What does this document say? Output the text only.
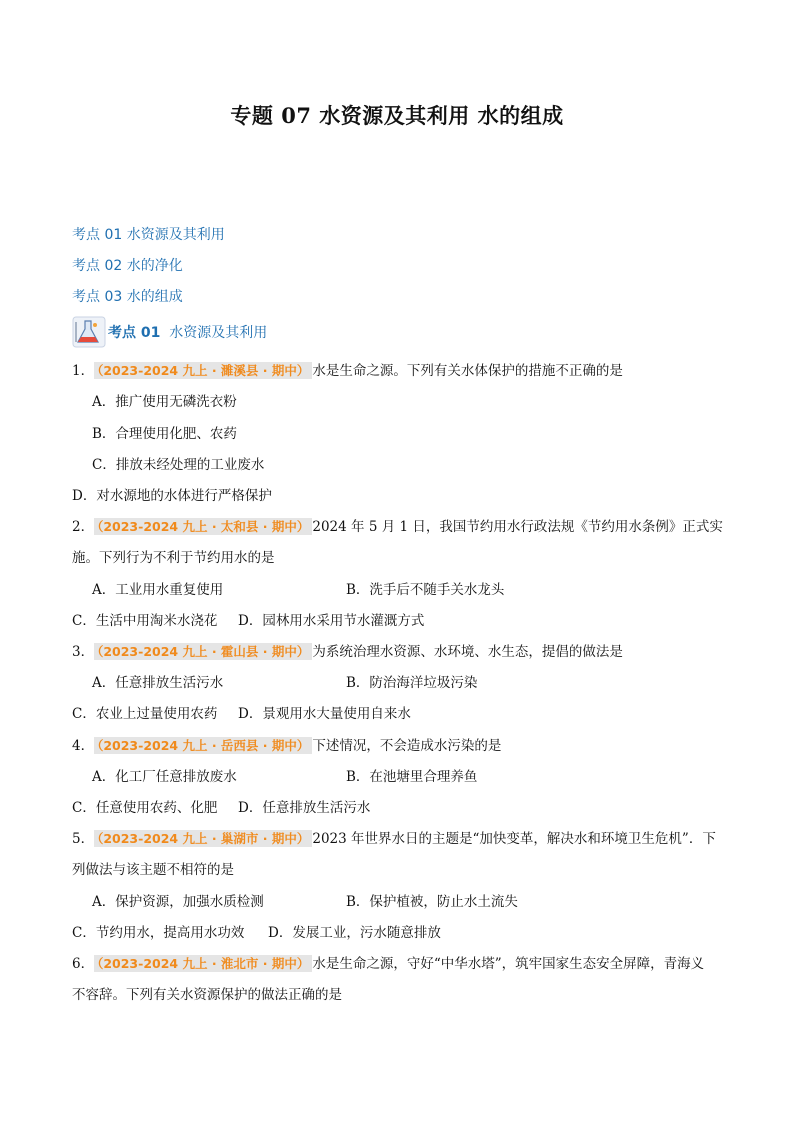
专题 07 水资源及其利用 水的组成
考点 01 水资源及其利用
考点 02 水的净化
考点 03 水的组成
考点 01 水资源及其利用
1． （2023-2024 九上 · 濉溪县 · 期中） 水是生命之源。下列有关水体保护的措施不正确的是
A．推广使用无磷洗衣粉
B．合理使用化肥、农药
C．排放未经处理的工业废水
D．对水源地的水体进行严格保护
2． （2023-2024 九上 · 太和县 · 期中） 2024 年 5 月 1 日，我国节约用水行政法规《节约用水条例》正式实
施。下列行为不利于节约用水的是
A．工业用水重复使用	B．洗手后不随手关水龙头
C．生活中用淘米水浇花 D．园林用水采用节水灌溉方式
3． （2023-2024 九上 · 霍山县 · 期中） 为系统治理水资源、水环境、水生态，提倡的做法是
A．任意排放生活污水	B．防治海洋垃圾污染
C．农业上过量使用农药 D．景观用水大量使用自来水
4． （2023-2024 九上 · 岳西县 · 期中） 下述情况，不会造成水污染的是
A．化工厂任意排放废水	B．在池塘里合理养鱼
C．任意使用农药、化肥 D．任意排放生活污水
5． （2023-2024 九上 · 巢湖市 · 期中） 2023 年世界水日的主题是“加快变革，解决水和环境卫生危机”．下
列做法与该主题不相符的是
A．保护资源，加强水质检测	B．保护植被，防止水土流失
C．节约用水，提高用水功效 D．发展工业，污水随意排放
6． （2023-2024 九上 · 淮北市 · 期中） 水是生命之源，守好“中华水塔”，筑牢国家生态安全屏障，青海义
不容辞。下列有关水资源保护的做法正确的是
